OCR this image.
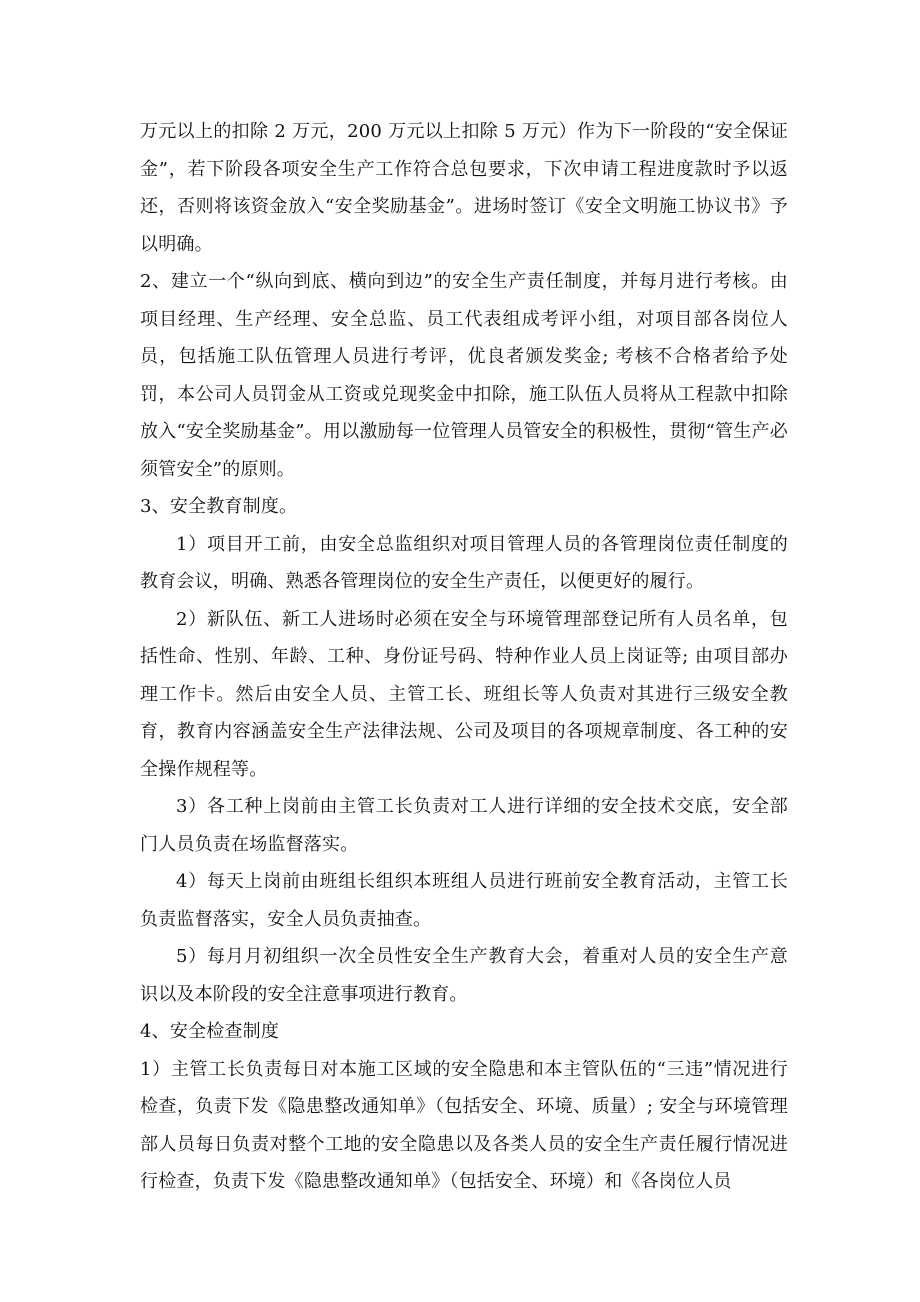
万元以上的扣除 2 万元，200 万元以上扣除 5 万元）作为下一阶段的“安全保证金”，若下阶段各项安全生产工作符合总包要求，下次申请工程进度款时予以返还，否则将该资金放入“安全奖励基金”。进场时签订《安全文明施工协议书》予以明确。

2、建立一个“纵向到底、横向到边”的安全生产责任制度，并每月进行考核。由项目经理、生产经理、安全总监、员工代表组成考评小组，对项目部各岗位人员，包括施工队伍管理人员进行考评，优良者颁发奖金; 考核不合格者给予处罚，本公司人员罚金从工资或兑现奖金中扣除，施工队伍人员将从工程款中扣除放入“安全奖励基金”。用以激励每一位管理人员管安全的积极性，贯彻“管生产必须管安全”的原则。

3、安全教育制度。

1）项目开工前，由安全总监组织对项目管理人员的各管理岗位责任制度的教育会议，明确、熟悉各管理岗位的安全生产责任，以便更好的履行。

2）新队伍、新工人进场时必须在安全与环境管理部登记所有人员名单，包括性命、性别、年龄、工种、身份证号码、特种作业人员上岗证等; 由项目部办理工作卡。然后由安全人员、主管工长、班组长等人负责对其进行三级安全教育，教育内容涵盖安全生产法律法规、公司及项目的各项规章制度、各工种的安全操作规程等。

3）各工种上岗前由主管工长负责对工人进行详细的安全技术交底，安全部门人员负责在场监督落实。

4）每天上岗前由班组长组织本班组人员进行班前安全教育活动，主管工长负责监督落实，安全人员负责抽查。

5）每月月初组织一次全员性安全生产教育大会，着重对人员的安全生产意识以及本阶段的安全注意事项进行教育。

4、安全检查制度

1）主管工长负责每日对本施工区域的安全隐患和本主管队伍的“三违”情况进行检查，负责下发《隐患整改通知单》（包括安全、环境、质量）; 安全与环境管理部人员每日负责对整个工地的安全隐患以及各类人员的安全生产责任履行情况进行检查，负责下发《隐患整改通知单》（包括安全、环境）和《各岗位人员
